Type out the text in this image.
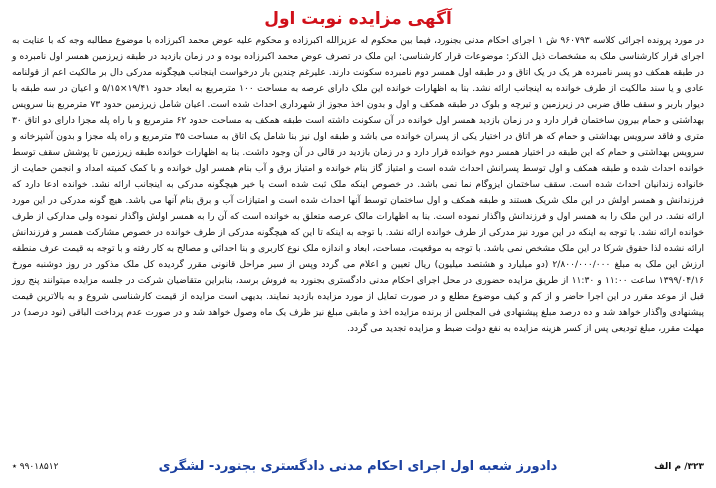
آگهی مزایده نوبت اول

در مورد پرونده اجرائی کلاسه ۹۶۰۷۹۳ ش ۱ اجرای احکام مدنی بجنورد، فیما بین محکوم له عزیزالله اکبرزاده و محکوم علیه عوض محمد اکبرزاده با موضوع مطالبه وجه که با عنایت به اجرای قرار کارشناسی ملک به مشخصات ذیل الذکر: موضوعات قرار کارشناسی: این ملک در تصرف عوض محمد اکبرزاده بوده و در زمان بازدید در طبقه زیرزمین همسر اول نامبرده و در طبقه همکف دو پسر نامبرده هر یک در یک اتاق و در طبقه اول همسر دوم نامبرده سکونت دارند. علیرغم چندین بار درخواست اینجانب هیچگونه مدرکی دال بر مالکیت اعم از قولنامه عادی و یا سند مالکیت از طرف خوانده به اینجانب ارائه نشد. بنا به اظهارات خوانده این ملک دارای عرصه به مساحت ۱۰۰ مترمربع به ابعاد حدود ۱۹/۴۱×۵/۱۵ و اعیان در سه طبقه با دیوار باربر و سقف طاق ضربی در زیرزمین و تیرچه و بلوک در طبقه همکف و اول و بدون اخذ مجوز از شهرداری احداث شده است. اعیان شامل زیرزمین حدود ۷۳ مترمربع بنا سرویس بهداشتی و حمام بیرون ساختمان قرار دارد و در زمان بازدید همسر اول خوانده در آن سکونت داشته است طبقه همکف به مساحت حدود ۶۲ مترمربع و با راه پله مجزا دارای دو اتاق ۳۰ متری و فاقد سرویس بهداشتی و حمام که هر اتاق در اختیار یکی از پسران خوانده می باشد و طبقه اول نیز بنا شامل یک اتاق به مساحت ۳۵ مترمربع و راه پله مجزا و بدون آشپزخانه و سرویس بهداشتی و حمام که این طبقه در اختیار همسر دوم خوانده قرار دارد و در زمان بازدید در قالی در آن وجود داشت. بنا به اظهارات خوانده طبقه زیرزمین تا پوشش سقف توسط خوانده احداث شده و طبقه همکف و اول توسط پسرانش احداث شده است و امتیاز گاز بنام خوانده و امتیاز برق و آب بنام همسر اول خوانده و با کمک کمیته امداد و انجمن حمایت از خانواده زندانیان احداث شده است. سقف ساختمان ایزوگام نما نمی باشد. در خصوص اینکه ملک ثبت شده است یا خیر هیچگونه مدرکی به اینجانب ارائه نشد. خوانده ادعا دارد که فرزندانش و همسر اولش در این ملک شریک هستند و طبقه همکف و اول ساختمان توسط آنها احداث شده است و امتیازات آب و برق بنام آنها می باشد. هیچ گونه مدرکی در این مورد ارائه نشد. در این ملک را به همسر اول و فرزندانش واگذار نموده است. بنا به اظهارات مالک عرصه متعلق به خوانده است که آن را به همسر اولش واگذار نموده ولی مدارکی از طرف خوانده ارائه نشد. با توجه به اینکه در این مورد نیز مدرکی از طرف خوانده ارائه نشد. با توجه به اینکه تا این که هیچگونه مدرکی از طرف خوانده در خصوص مشارکت همسر و فرزندانش ارائه نشده لذا حقوق شرکا در این ملک مشخص نمی باشد. با توجه به موقعیت، مساحت، ابعاد و اندازه ملک نوع کاربری و بنا احداثی و مصالح به کار رفته و با توجه به قیمت عرف منطقه ارزش این ملک به مبلغ ۲/۸۰۰/۰۰۰/۰۰۰ (دو میلیارد و هشتصد میلیون) ریال تعیین و اعلام می گردد وپس از سیر مراحل قانونی مقرر گردیده کل ملک مذکور در روز دوشنبه مورخ ۱۳۹۹/۰۴/۱۶ ساعت ۱۱:۰۰ و ۱۱:۳۰ از طریق مزایده حضوری در محل اجرای احکام مدنی دادگستری بجنورد به فروش برسد، بنابراین متقاضیان شرکت در جلسه مزایده میتوانند پنج روز قبل از موعد مقرر در این اجرا حاضر و از کم و کیف موضوع مطلع و در صورت تمایل از مورد مزایده بازدید نمایند. بدیهی است مزایده از قیمت کارشناسی شروع و به بالاترین قیمت پیشنهادی واگذار خواهد شد و ده درصد مبلغ پیشنهادی فی المجلس از برنده مزایده اخذ و مابقی مبلغ نیز ظرف یک ماه وصول خواهد شد و در صورت عدم پرداخت الباقی (نود درصد) در مهلت مقرر، مبلغ تودیعی پس از کسر هزینه مزایده به نفع دولت ضبط و مزایده تجدید می گردد.

۳۲۳/ م الف
دادورز شعبه اول اجرای احکام مدنی دادگستری بجنورد- لشگری
۹۹۰۱۸۵۱۲ ٭
